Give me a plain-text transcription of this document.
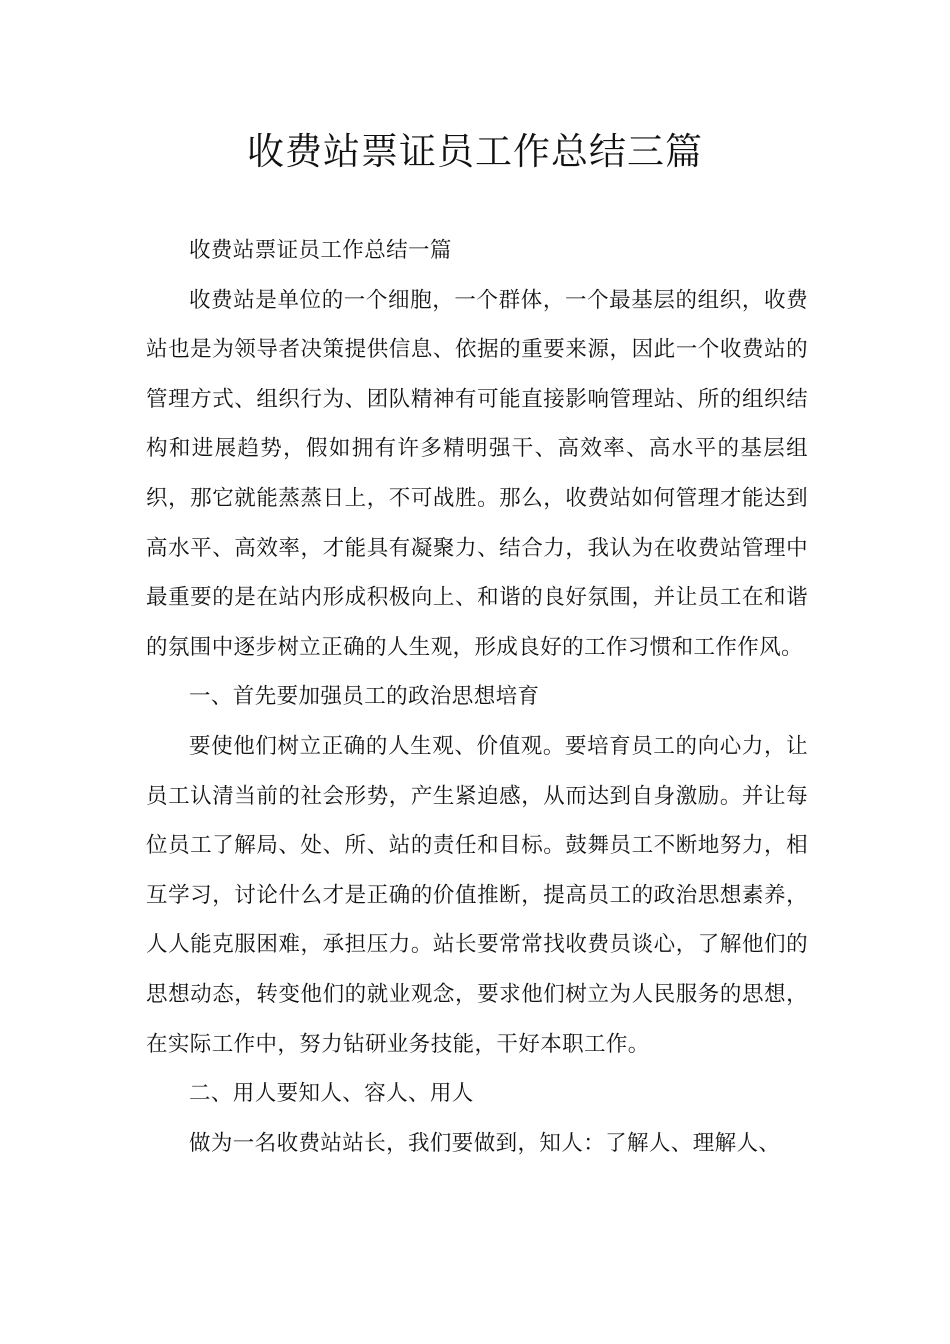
收费站票证员工作总结三篇

收费站票证员工作总结一篇

收费站是单位的一个细胞，一个群体，一个最基层的组织，收费站也是为领导者决策提供信息、依据的重要来源，因此一个收费站的管理方式、组织行为、团队精神有可能直接影响管理站、所的组织结构和进展趋势，假如拥有许多精明强干、高效率、高水平的基层组织，那它就能蒸蒸日上，不可战胜。那么，收费站如何管理才能达到高水平、高效率，才能具有凝聚力、结合力，我认为在收费站管理中最重要的是在站内形成积极向上、和谐的良好氛围，并让员工在和谐的氛围中逐步树立正确的人生观，形成良好的工作习惯和工作作风。

一、首先要加强员工的政治思想培育

要使他们树立正确的人生观、价值观。要培育员工的向心力，让员工认清当前的社会形势，产生紧迫感，从而达到自身激励。并让每位员工了解局、处、所、站的责任和目标。鼓舞员工不断地努力，相互学习，讨论什么才是正确的价值推断，提高员工的政治思想素养，人人能克服困难，承担压力。站长要常常找收费员谈心，了解他们的思想动态，转变他们的就业观念，要求他们树立为人民服务的思想，在实际工作中，努力钻研业务技能，干好本职工作。

二、用人要知人、容人、用人

做为一名收费站站长，我们要做到，知人：了解人、理解人、
